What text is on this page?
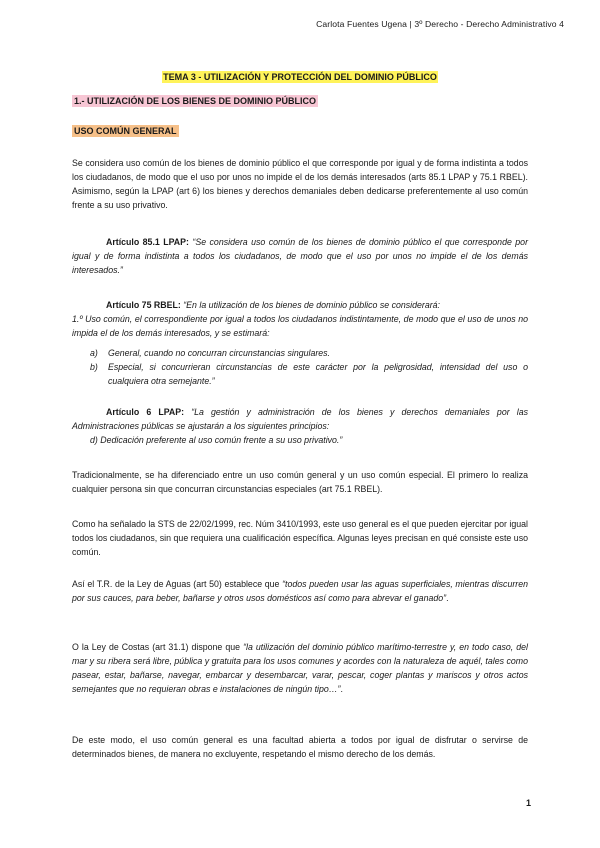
Carlota Fuentes Ugena | 3º Derecho - Derecho Administrativo 4
TEMA 3 - UTILIZACIÓN Y PROTECCIÓN DEL DOMINIO PÚBLICO
1.- UTILIZACIÓN DE LOS BIENES DE DOMINIO PÚBLICO
USO COMÚN GENERAL
Se considera uso común de los bienes de dominio público el que corresponde por igual y de forma indistinta a todos los ciudadanos, de modo que el uso por unos no impide el de los demás interesados (arts 85.1 LPAP y 75.1 RBEL). Asimismo, según la LPAP (art 6) los bienes y derechos demaniales deben dedicarse preferentemente al uso común frente a su uso privativo.
Artículo 85.1 LPAP: “Se considera uso común de los bienes de dominio público el que corresponde por igual y de forma indistinta a todos los ciudadanos, de modo que el uso por unos no impide el de los demás interesados.”
Artículo 75 RBEL: “En la utilización de los bienes de dominio público se considerará:
1.º Uso común, el correspondiente por igual a todos los ciudadanos indistintamente, de modo que el uso de unos no impida el de los demás interesados, y se estimará:
a) General, cuando no concurran circunstancias singulares.
b) Especial, si concurrieran circunstancias de este carácter por la peligrosidad, intensidad del uso o cualquiera otra semejante.”
Artículo 6 LPAP: “La gestión y administración de los bienes y derechos demaniales por las Administraciones públicas se ajustarán a los siguientes principios:
d) Dedicación preferente al uso común frente a su uso privativo.”
Tradicionalmente, se ha diferenciado entre un uso común general y un uso común especial. El primero lo realiza cualquier persona sin que concurran circunstancias especiales (art 75.1 RBEL).
Como ha señalado la STS de 22/02/1999, rec. Núm 3410/1993, este uso general es el que pueden ejercitar por igual todos los ciudadanos, sin que requiera una cualificación específica. Algunas leyes precisan en qué consiste este uso común.
Así el T.R. de la Ley de Aguas (art 50) establece que “todos pueden usar las aguas superficiales, mientras discurren por sus cauces, para beber, bañarse y otros usos domésticos así como para abrevar el ganado”.
O la Ley de Costas (art 31.1) dispone que “la utilización del dominio público marítimo-terrestre y, en todo caso, del mar y su ribera será libre, pública y gratuita para los usos comunes y acordes con la naturaleza de aquél, tales como pasear, estar, bañarse, navegar, embarcar y desembarcar, varar, pescar, coger plantas y mariscos y otros actos semejantes que no requieran obras e instalaciones de ningún tipo…”.
De este modo, el uso común general es una facultad abierta a todos por igual de disfrutar o servirse de determinados bienes, de manera no excluyente, respetando el mismo derecho de los demás.
1
